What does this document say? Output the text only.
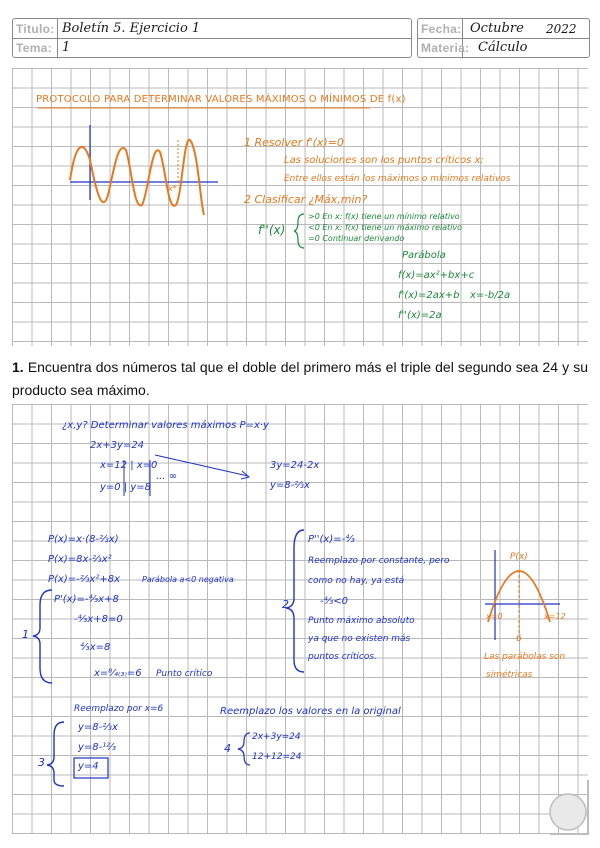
Titulo: Boletín 5. Ejercicio 1
Tema: 1
Fecha: Octubre 2022
Materia: Cálculo
1. Encuentra dos números tal que el doble del primero más el triple del segundo sea 24 y su producto sea máximo.
PROTOCOLO PARA DETERMINAR VALORES MÁXIMOS O MÍNIMOS DE f(x)
x*
1 Resolver f'(x)=0
Las soluciones son los puntos críticos x:
Entre ellos están los máximos o mínimos relativos
2 Clasificar ¿Máx,min?
f''(x)
>0 En x: f(x) tiene un mínimo relativo
<0 En x: f(x) tiene un máximo relativo
=0 Continuar derivando
Parábola
f(x)=ax²+bx+c
f'(x)=2ax+b x=-b/2a
f''(x)=2a
¿x,y? Determinar valores máximos P=x·y
2x+3y=24
x=12 | x=0
y=0 | y=8
... ∞
3y=24-2x
y=8-⅔x
P(x)=x·(8-⅔x)
P(x)=8x-⅔x²
P(x)=-⅔x²+8x	Parábola a<0 negativa
P'(x)=-⁴⁄₃x+8
-⁴⁄₃x+8=0
⁴⁄₃x=8
x=⁸⁄₄₍₃₎=6 Punto crítico
1
P''(x)=-⁴⁄₃
Reemplazo por constante, pero
como no hay, ya está
-⁴⁄₃<0
Punto máximo absoluto
ya que no existen más
puntos críticos.
2
P(x)
x=0	x=12
6
Las parábolas son
simétricas
Reemplazo por x=6
y=8-⅔x
y=8-¹²⁄₃
y=4
3
Reemplazo los valores en la original
2x+3y=24
12+12=24
4
